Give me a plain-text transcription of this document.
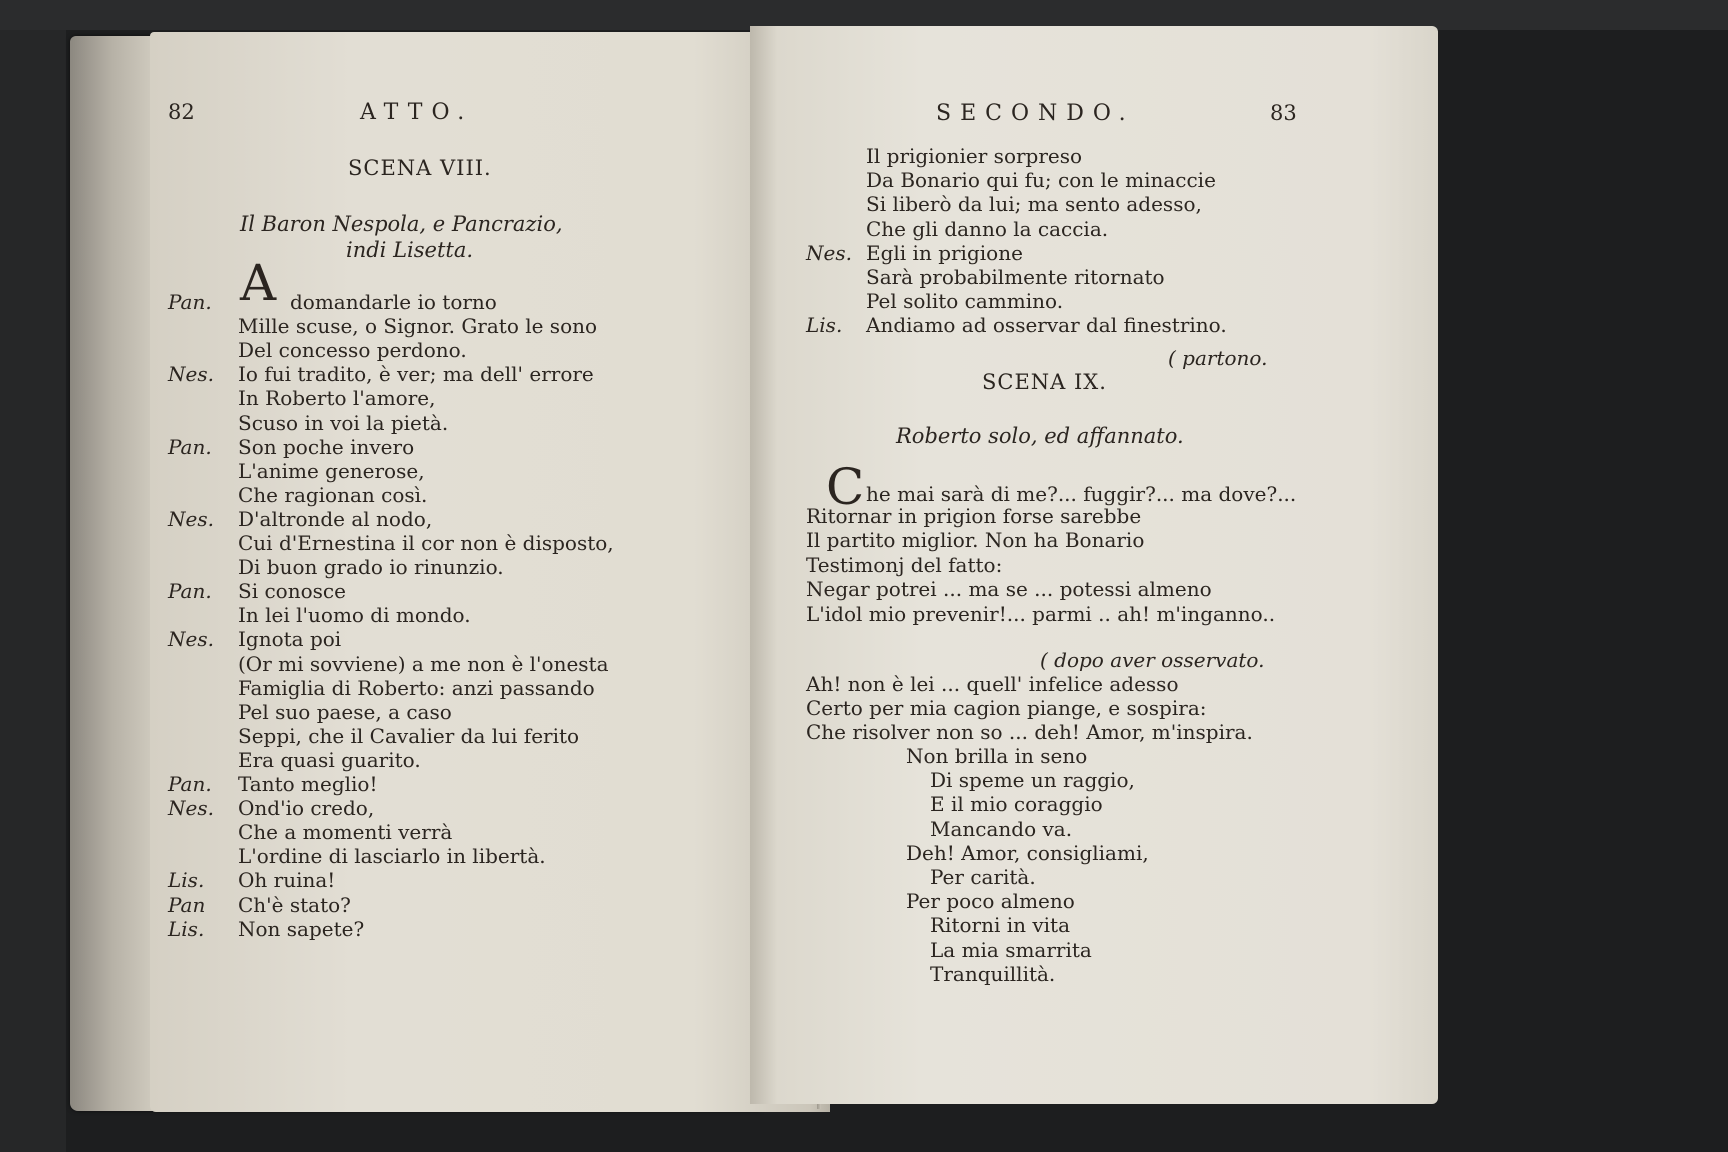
82	ATTO.
SCENA VIII.
Il Baron Nespola, e Pancrazio,
indi Lisetta.
A
Pan.	domandarle io torno
Mille scuse, o Signor. Grato le sono
Del concesso perdono.
Nes. Io fui tradito, è ver; ma dell' errore
In Roberto l'amore,
Scuso in voi la pietà.
Pan. Son poche invero
L'anime generose,
Che ragionan così.
Nes. D'altronde al nodo,
Cui d'Ernestina il cor non è disposto,
Di buon grado io rinunzio.
Pan. Si conosce
In lei l'uomo di mondo.
Nes. Ignota poi
(Or mi sovviene) a me non è l'onesta
Famiglia di Roberto: anzi passando
Pel suo paese, a caso
Seppi, che il Cavalier da lui ferito
Era quasi guarito.
Pan. Tanto meglio!
Nes. Ond'io credo,
Che a momenti verrà
L'ordine di lasciarlo in libertà.
Lis. Oh ruina!
Pan Ch'è stato?
Lis. Non sapete?
SECONDO.	83
Il prigionier sorpreso
Da Bonario qui fu; con le minaccie
Si liberò da lui; ma sento adesso,
Che gli danno la caccia.
Nes. Egli in prigione
Sarà probabilmente ritornato
Pel solito cammino.
Lis. Andiamo ad osservar dal finestrino.
( partono.
SCENA IX.
Roberto solo, ed affannato.
C he mai sarà di me?... fuggir?... ma dove?...
Ritornar in prigion forse sarebbe
Il partito miglior. Non ha Bonario
Testimonj del fatto:
Negar potrei ... ma se ... potessi almeno
L'idol mio prevenir!... parmi .. ah! m'inganno..
( dopo aver osservato.
Ah! non è lei ... quell' infelice adesso
Certo per mia cagion piange, e sospira:
Che risolver non so ... deh! Amor, m'inspira.
Non brilla in seno
Di speme un raggio,
E il mio coraggio
Mancando va.
Deh! Amor, consigliami,
Per carità.
Per poco almeno
Ritorni in vita
La mia smarrita
Tranquillità.
